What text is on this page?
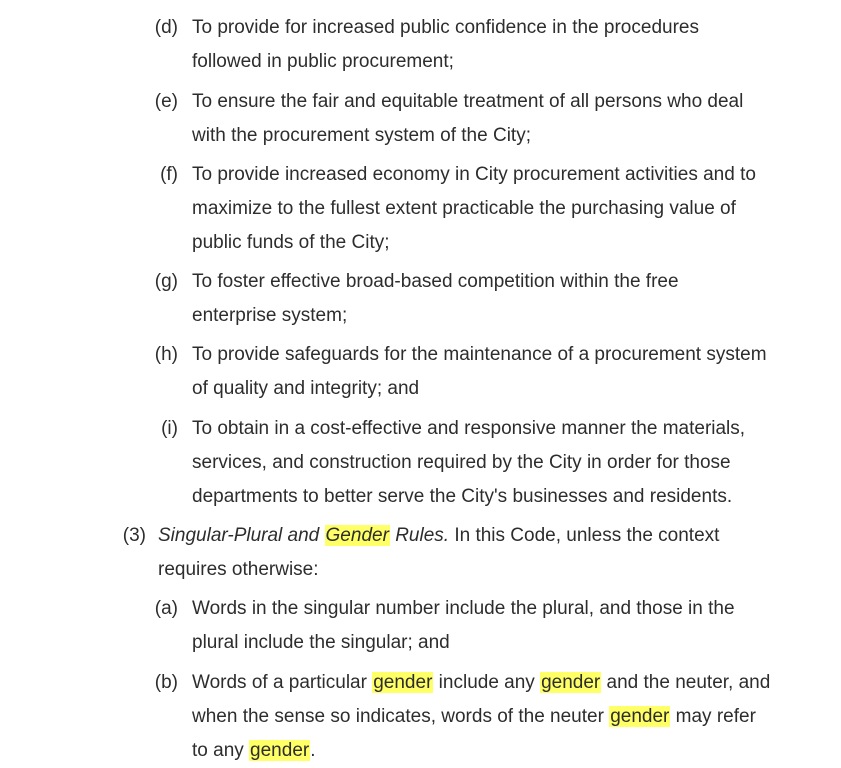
(d) To provide for increased public confidence in the procedures
followed in public procurement;
(e) To ensure the fair and equitable treatment of all persons who deal
with the procurement system of the City;
(f) To provide increased economy in City procurement activities and to
maximize to the fullest extent practicable the purchasing value of
public funds of the City;
(g) To foster effective broad-based competition within the free
enterprise system;
(h) To provide safeguards for the maintenance of a procurement system
of quality and integrity; and
(i) To obtain in a cost-effective and responsive manner the materials,
services, and construction required by the City in order for those
departments to better serve the City's businesses and residents.
(3) Singular-Plural and Gender Rules. In this Code, unless the context
requires otherwise:
(a) Words in the singular number include the plural, and those in the
plural include the singular; and
(b) Words of a particular gender include any gender and the neuter, and
when the sense so indicates, words of the neuter gender may refer
to any gender.
